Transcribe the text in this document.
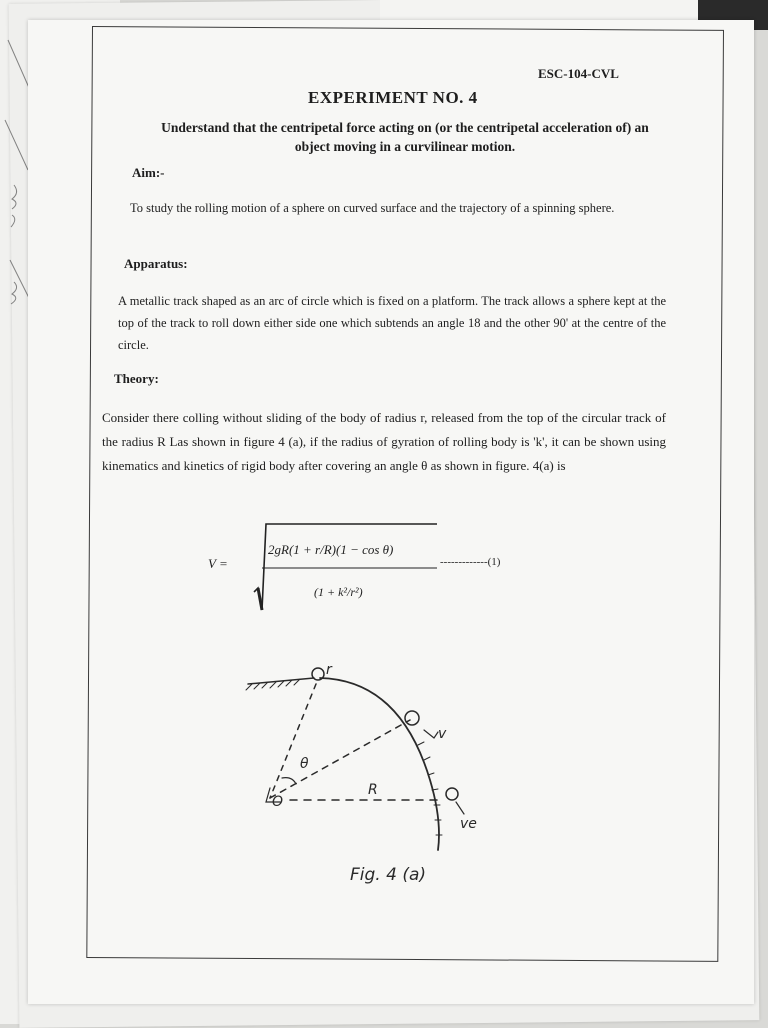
ESC-104-CVL
EXPERIMENT NO. 4
Understand that the centripetal force acting on (or the centripetal acceleration of) an object moving in a curvilinear motion.
Aim:-
To study the rolling motion of a sphere on curved surface and the trajectory of a spinning sphere.
Apparatus:
A metallic track shaped as an arc of circle which is fixed on a platform. The track allows a sphere kept at the top of the track to roll down either side one which subtends an angle 18 and the other 90' at the centre of the circle.
Theory:
Consider there colling without sliding of the body of radius r, released from the top of the circular track of the radius R Las shown in figure 4 (a), if the radius of gyration of rolling body is 'k', it can be shown using kinematics and kinetics of rigid body after covering an angle θ as shown in figure. 4(a) is
V =
2gR(1 + r/R)(1 − cos θ)
(1 + k²/r²)
-------------(1)
r
v
ve
R
θ
O
Fig. 4 (a)
